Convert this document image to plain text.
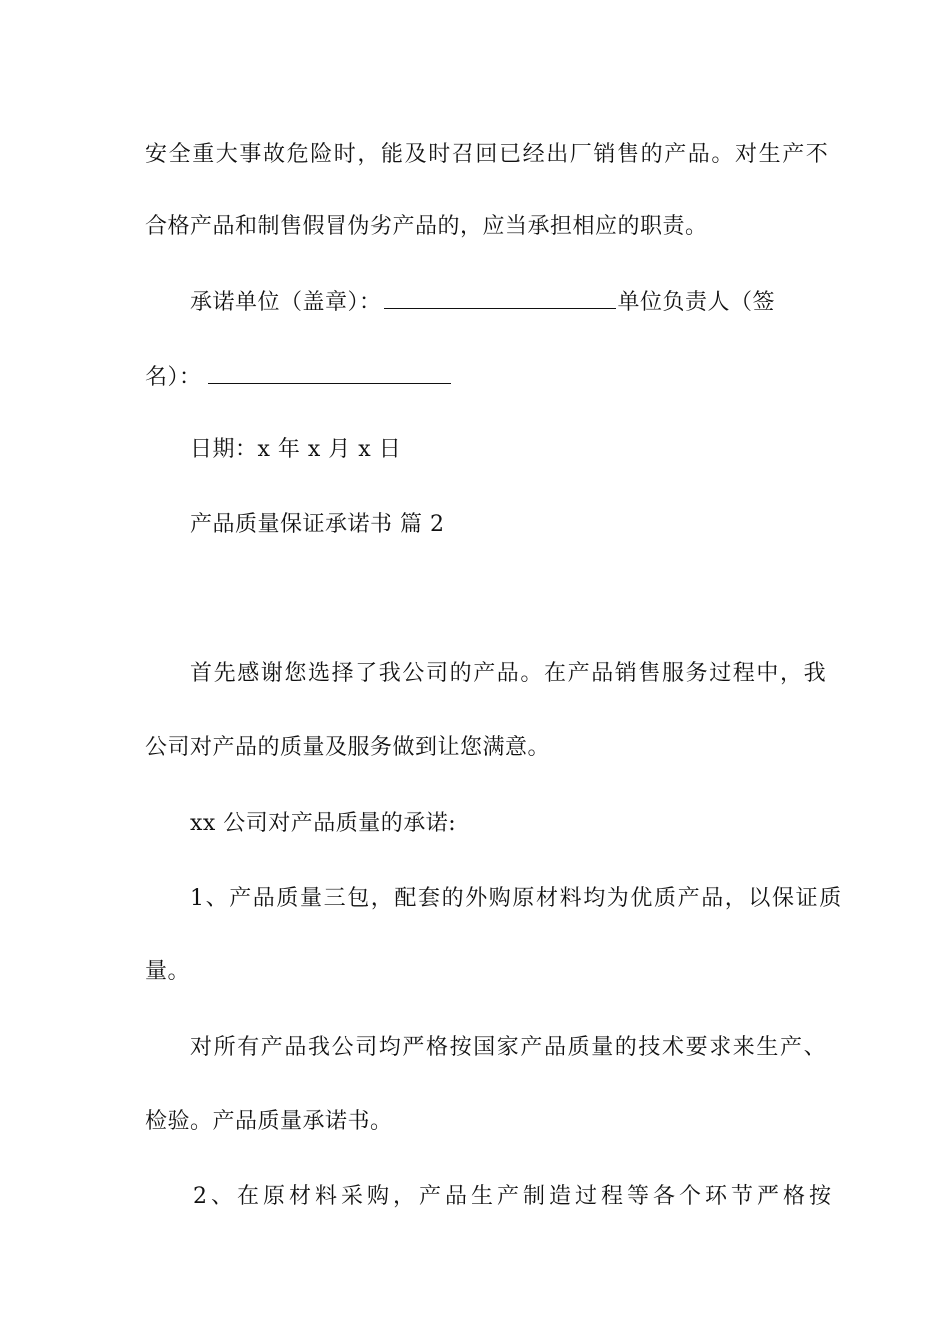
安全重大事故危险时，能及时召回已经出厂销售的产品。对生产不
合格产品和制售假冒伪劣产品的，应当承担相应的职责。
承诺单位（盖章）：	单位负责人（签
名）：
日期：x 年 x 月 x 日
产品质量保证承诺书 篇 2
首先感谢您选择了我公司的产品。在产品销售服务过程中，我
公司对产品的质量及服务做到让您满意。
xx 公司对产品质量的承诺:
1、产品质量三包，配套的外购原材料均为优质产品，以保证质
量。
对所有产品我公司均严格按国家产品质量的技术要求来生产、
检验。产品质量承诺书。
2、在原材料采购，产品生产制造过程等各个环节严格按
